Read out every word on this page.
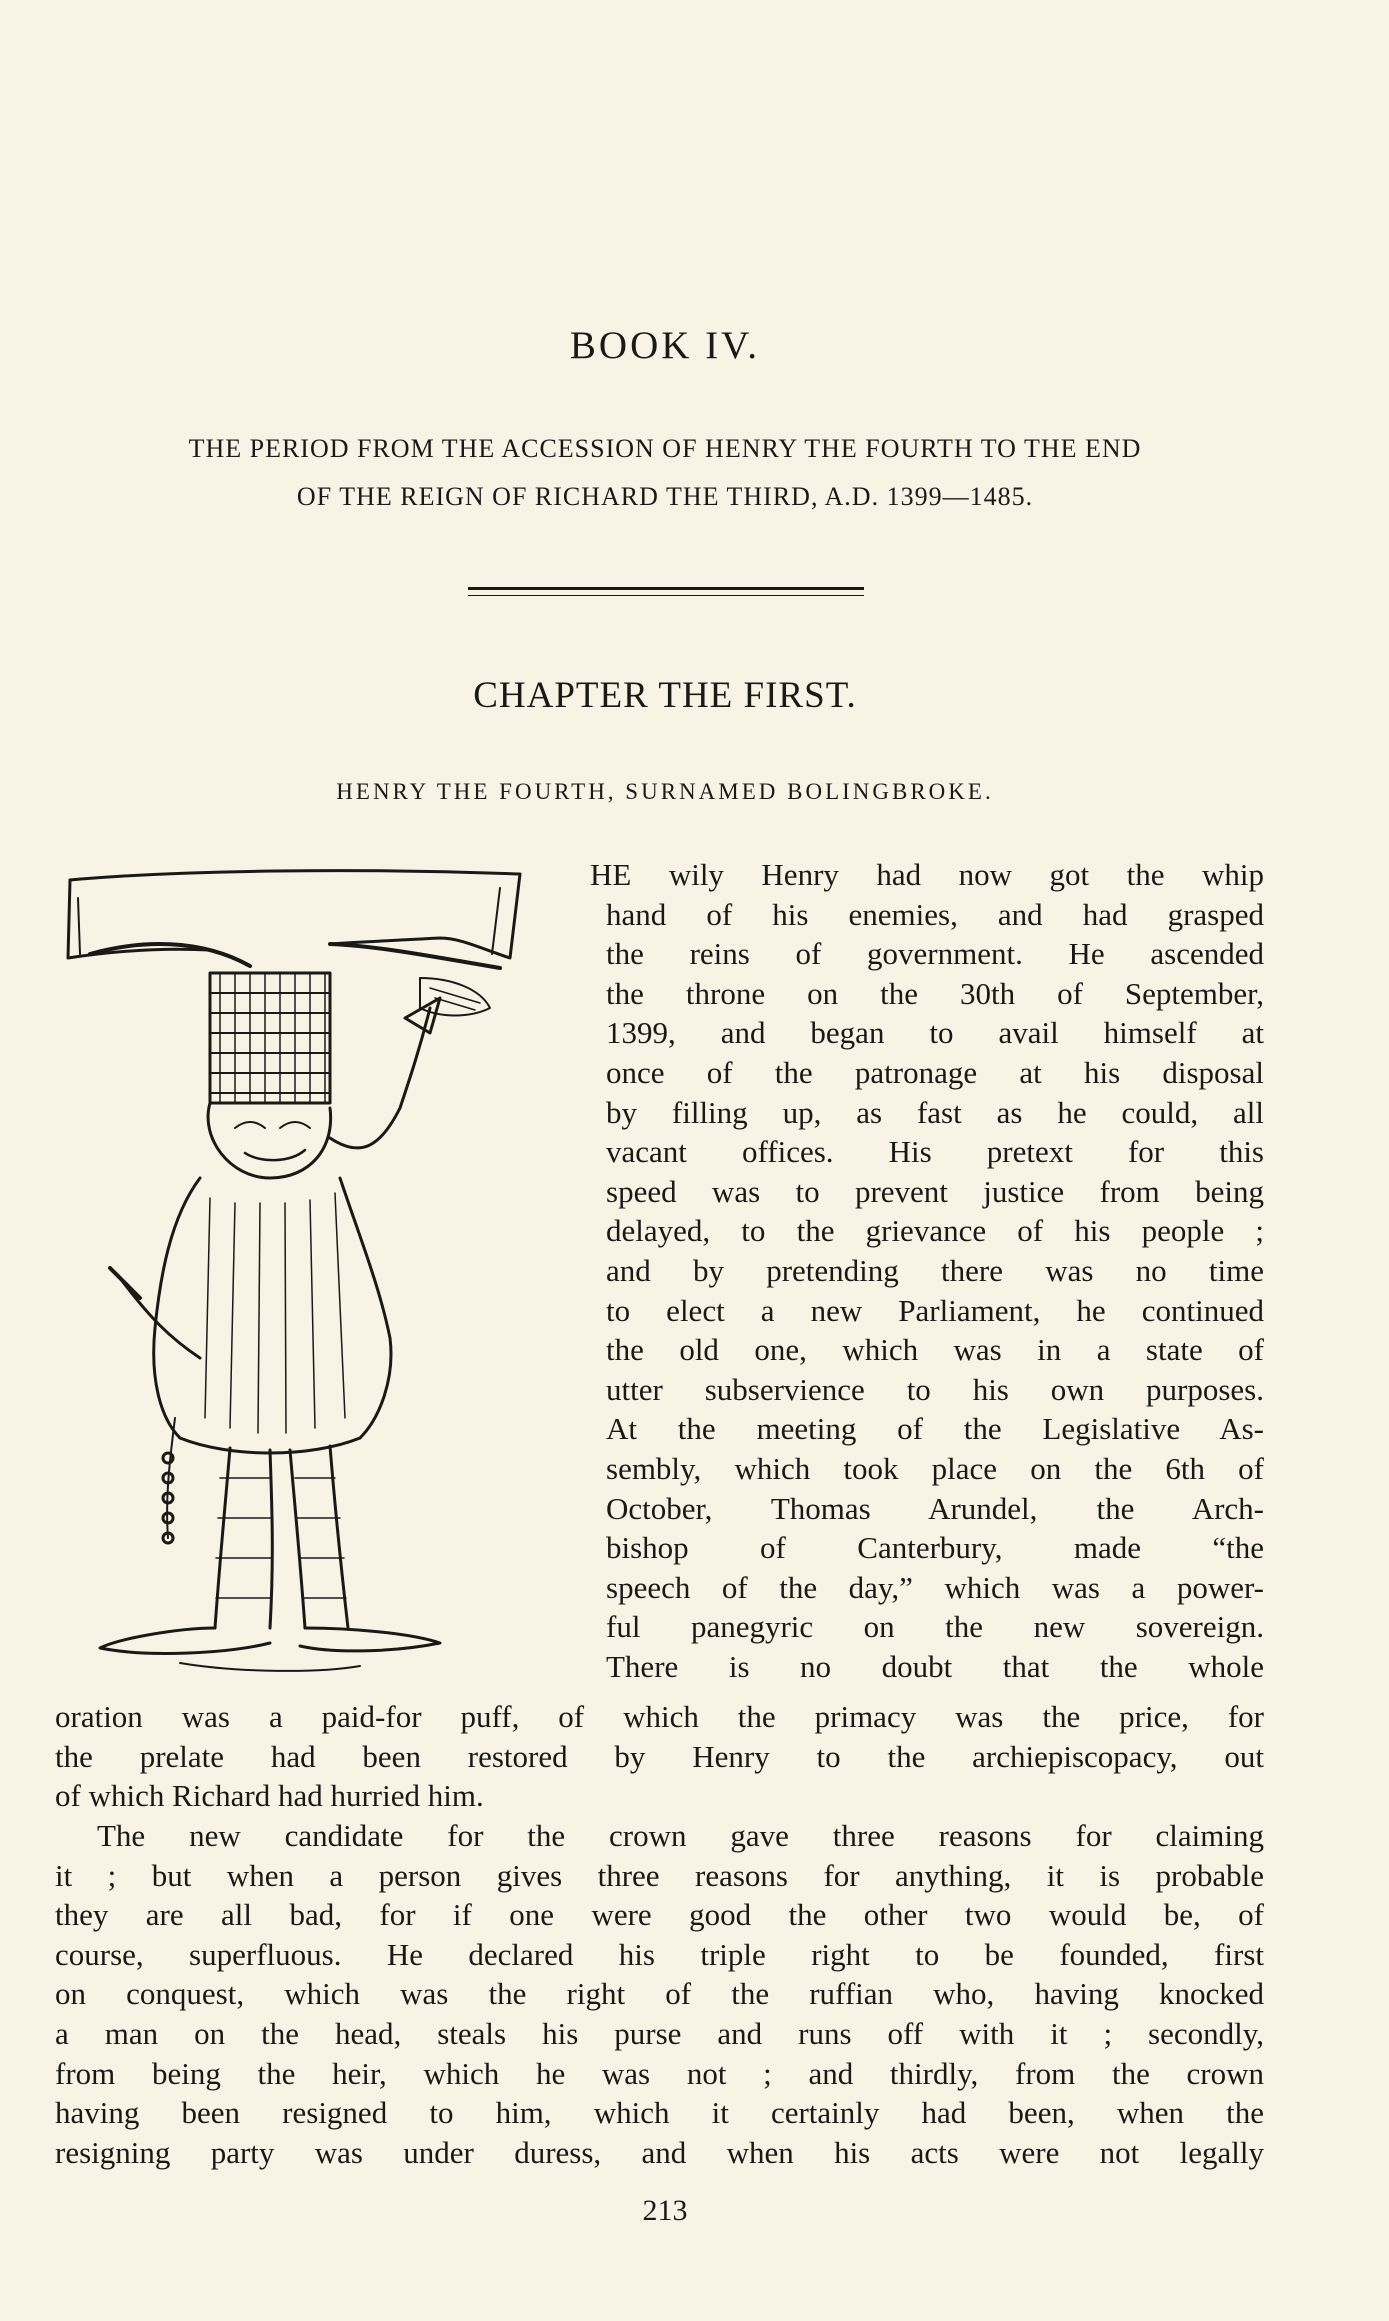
BOOK IV.
THE PERIOD FROM THE ACCESSION OF HENRY THE FOURTH TO THE END
OF THE REIGN OF RICHARD THE THIRD, A.D. 1399—1485.
CHAPTER THE FIRST.
HENRY THE FOURTH, SURNAMED BOLINGBROKE.
HE wily Henry had now got the whip
hand of his enemies, and had grasped
the reins of government. He ascended
the throne on the 30th of September,
1399, and began to avail himself at
once of the patronage at his disposal
by filling up, as fast as he could, all
vacant offices. His pretext for this
speed was to prevent justice from being
delayed, to the grievance of his people ;
and by pretending there was no time
to elect a new Parliament, he continued
the old one, which was in a state of
utter subservience to his own purposes.
At the meeting of the Legislative As-
sembly, which took place on the 6th of
October, Thomas Arundel, the Arch-
bishop of Canterbury, made “the
speech of the day,” which was a power-
ful panegyric on the new sovereign.
There is no doubt that the whole
oration was a paid-for puff, of which the primacy was the price, for
the prelate had been restored by Henry to the archiepiscopacy, out
of which Richard had hurried him.
The new candidate for the crown gave three reasons for claiming
it ; but when a person gives three reasons for anything, it is probable
they are all bad, for if one were good the other two would be, of
course, superfluous. He declared his triple right to be founded, first
on conquest, which was the right of the ruffian who, having knocked
a man on the head, steals his purse and runs off with it ; secondly,
from being the heir, which he was not ; and thirdly, from the crown
having been resigned to him, which it certainly had been, when the
resigning party was under duress, and when his acts were not legally
213
